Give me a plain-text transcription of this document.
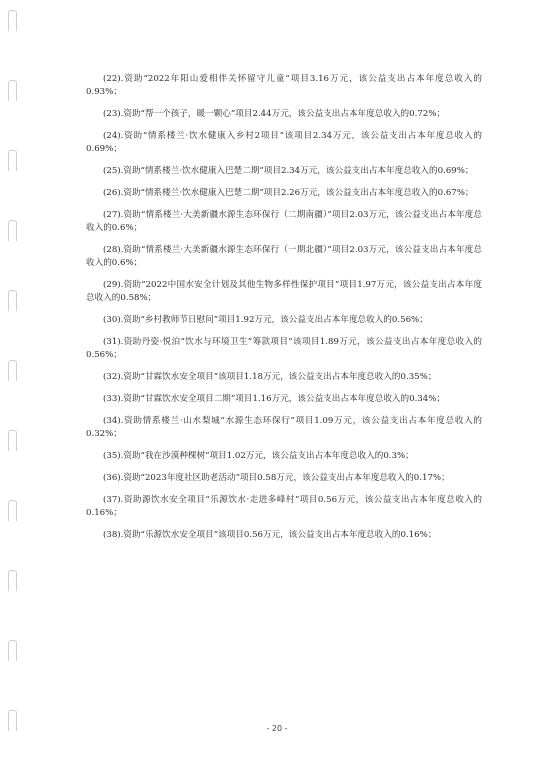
(22).资助“2022年阳山爱相伴关怀留守儿童”项目3.16万元，该公益支出占本年度总收入的0.93%；

(23).资助“帮一个孩子，暖一颗心”项目2.44万元，该公益支出占本年度总收入的0.72%；

(24).资助“情系楼兰·饮水健康入乡村2项目”该项目2.34万元，该公益支出占本年度总收入的0.69%；

(25).资助“情系楼兰·饮水健康入巴楚二期”项目2.34万元，该公益支出占本年度总收入的0.69%；

(26).资助“情系楼兰·饮水健康入巴楚二期”项目2.26万元，该公益支出占本年度总收入的0.67%；

(27).资助“情系楼兰·大美新疆水源生态环保行（二期南疆）”项目2.03万元，该公益支出占本年度总收入的0.6%；

(28).资助“情系楼兰·大美新疆水源生态环保行（一期北疆）”项目2.03万元，该公益支出占本年度总收入的0.6%；

(29).资助“2022中国水安全计划及其他生物多样性保护项目”项目1.97万元，该公益支出占本年度总收入的0.58%；

(30).资助“乡村教师节日慰问”项目1.92万元，该公益支出占本年度总收入的0.56%；

(31).资助丹姿·悦泊“饮水与环境卫生”筹款项目”该项目1.89万元，该公益支出占本年度总收入的0.56%；

(32).资助“甘霖饮水安全项目”该项目1.18万元，该公益支出占本年度总收入的0.35%；

(33).资助“甘霖饮水安全项目二期”项目1.16万元，该公益支出占本年度总收入的0.34%；

(34).资助情系楼兰·山水梨城“水源生态环保行”项目1.09万元，该公益支出占本年度总收入的0.32%；

(35).资助“我在沙漠种棵树”项目1.02万元，该公益支出占本年度总收入的0.3%；

(36).资助“2023年度社区助老活动”项目0.58万元，该公益支出占本年度总收入的0.17%；

(37).资助源饮水安全项目“乐源饮水·走进多峰村”项目0.56万元，该公益支出占本年度总收入的0.16%；

(38).资助“乐源饮水安全项目”该项目0.56万元，该公益支出占本年度总收入的0.16%；

- 20 -
